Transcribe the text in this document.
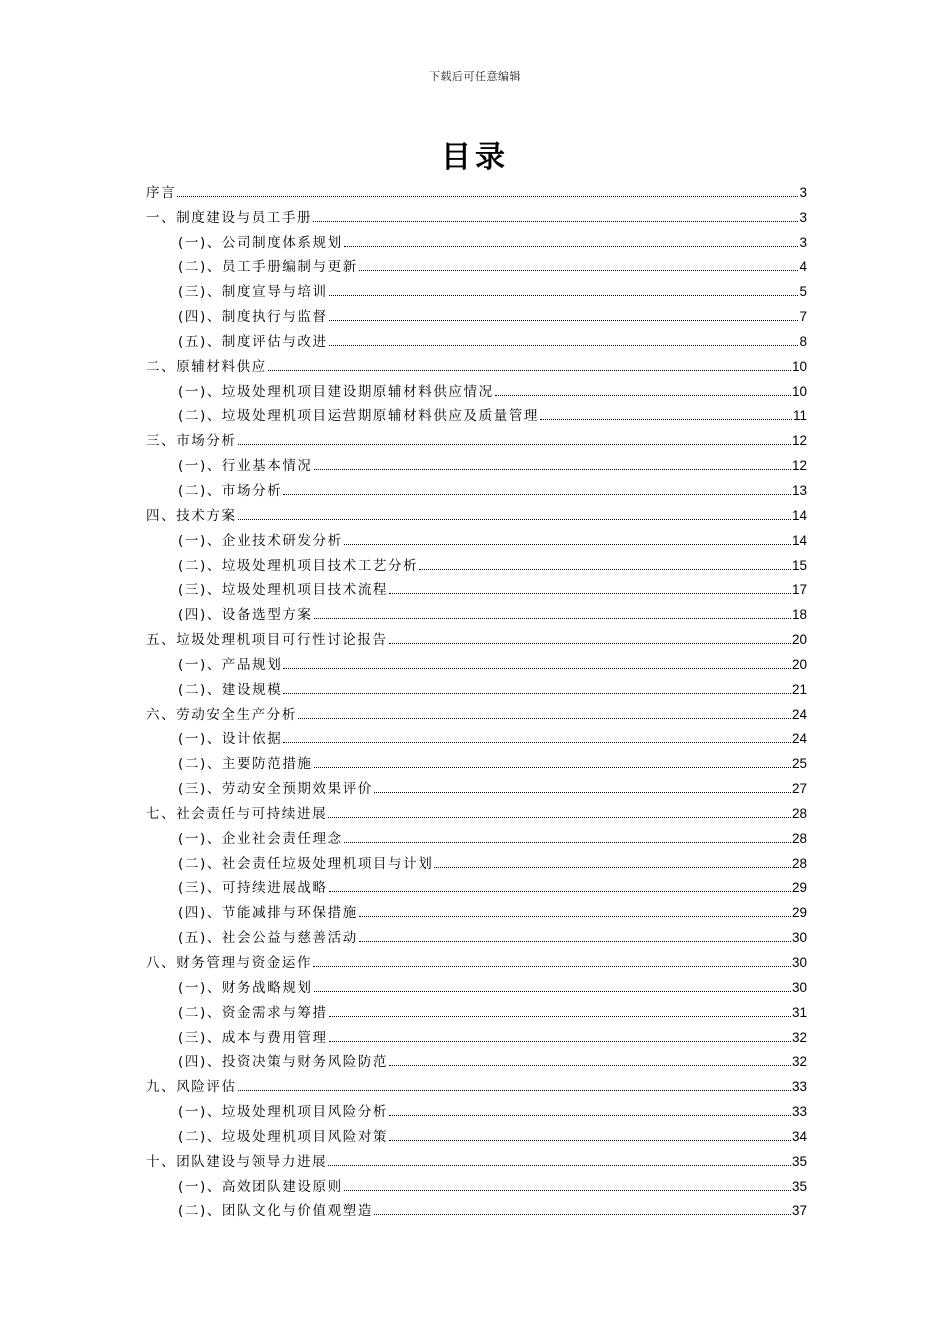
下载后可任意编辑
目录
序言	3
一、制度建设与员工手册	3
(一)、公司制度体系规划	3
(二)、员工手册编制与更新	4
(三)、制度宣导与培训	5
(四)、制度执行与监督	7
(五)、制度评估与改进	8
二、原辅材料供应	10
(一)、垃圾处理机项目建设期原辅材料供应情况	10
(二)、垃圾处理机项目运营期原辅材料供应及质量管理	11
三、市场分析	12
(一)、行业基本情况	12
(二)、市场分析	13
四、技术方案	14
(一)、企业技术研发分析	14
(二)、垃圾处理机项目技术工艺分析	15
(三)、垃圾处理机项目技术流程	17
(四)、设备选型方案	18
五、垃圾处理机项目可行性讨论报告	20
(一)、产品规划	20
(二)、建设规模	21
六、劳动安全生产分析	24
(一)、设计依据	24
(二)、主要防范措施	25
(三)、劳动安全预期效果评价	27
七、社会责任与可持续进展	28
(一)、企业社会责任理念	28
(二)、社会责任垃圾处理机项目与计划	28
(三)、可持续进展战略	29
(四)、节能减排与环保措施	29
(五)、社会公益与慈善活动	30
八、财务管理与资金运作	30
(一)、财务战略规划	30
(二)、资金需求与筹措	31
(三)、成本与费用管理	32
(四)、投资决策与财务风险防范	32
九、风险评估	33
(一)、垃圾处理机项目风险分析	33
(二)、垃圾处理机项目风险对策	34
十、团队建设与领导力进展	35
(一)、高效团队建设原则	35
(二)、团队文化与价值观塑造	37
